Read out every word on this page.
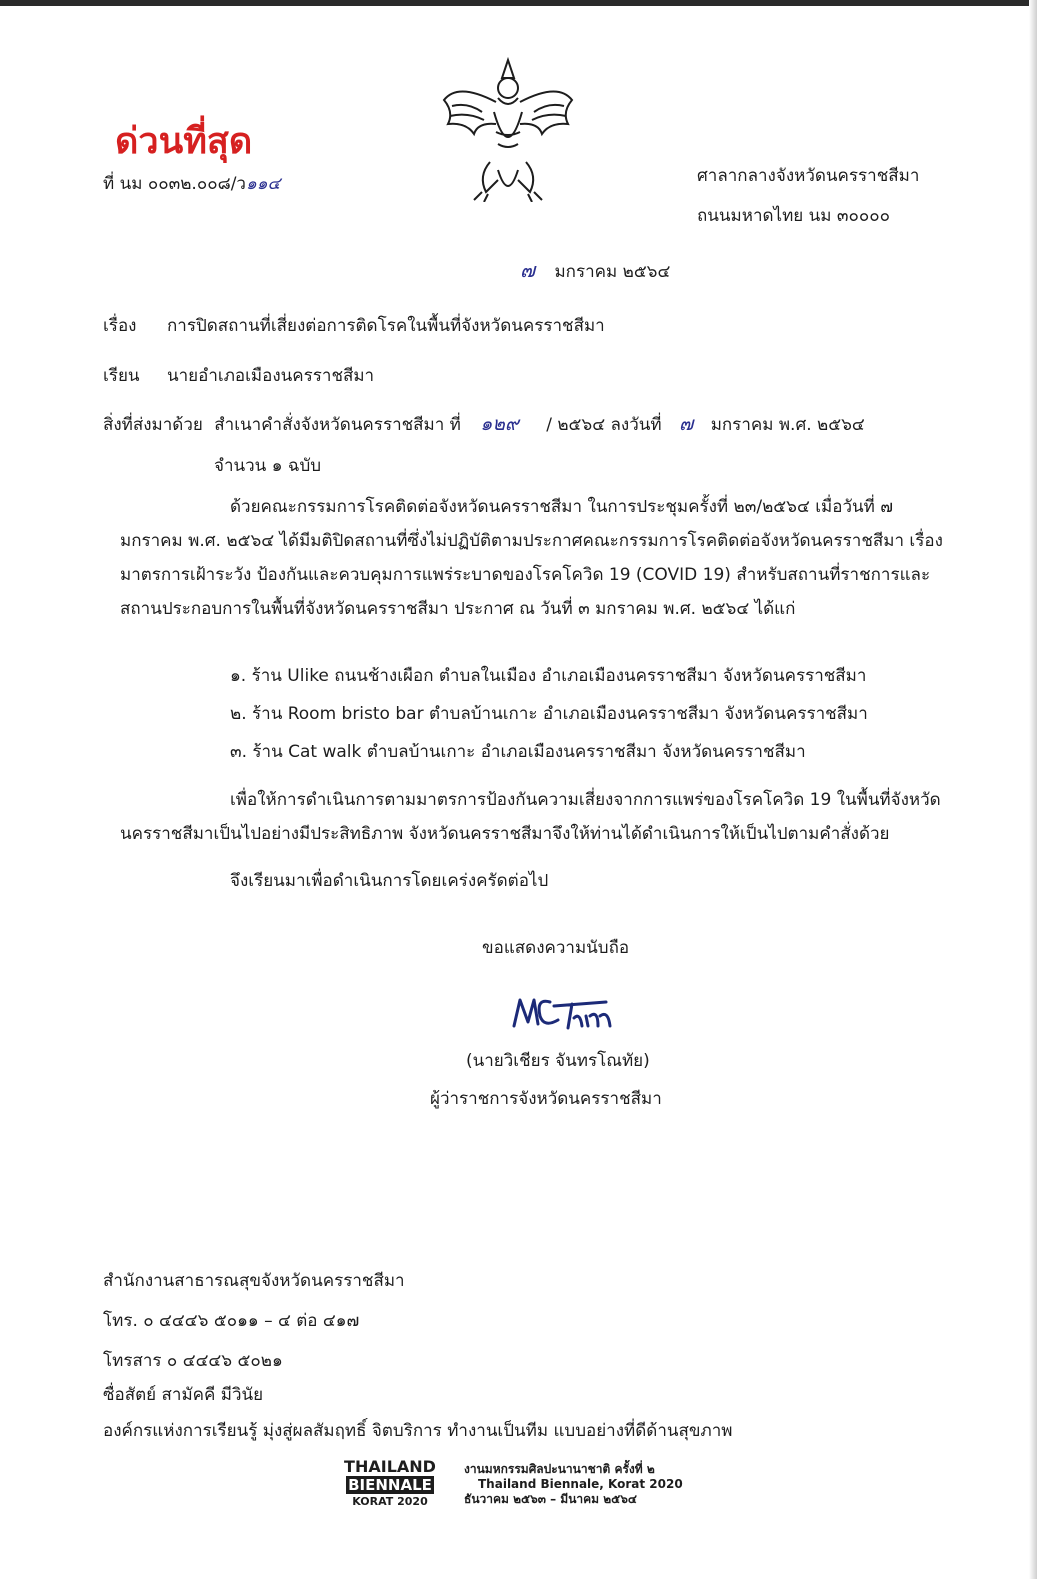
ด่วนที่สุด
ที่ นม ๐๐๓๒.๐๐๘/ว๑๑๔	ศาลากลางจังหวัดนครราชสีมา
ถนนมหาดไทย นม ๓๐๐๐๐
๗ มกราคม ๒๕๖๔
เรื่อง การปิดสถานที่เสี่ยงต่อการติดโรคในพื้นที่จังหวัดนครราชสีมา
เรียน นายอำเภอเมืองนครราชสีมา
สิ่งที่ส่งมาด้วย สำเนาคำสั่งจังหวัดนครราชสีมา ที่ ๑๒๙ / ๒๕๖๔ ลงวันที่ ๗ มกราคม พ.ศ. ๒๕๖๔
จำนวน ๑ ฉบับ
ด้วยคณะกรรมการโรคติดต่อจังหวัดนครราชสีมา ในการประชุมครั้งที่ ๒๓/๒๕๖๔ เมื่อวันที่ ๗ มกราคม พ.ศ. ๒๕๖๔ ได้มีมติปิดสถานที่ซึ่งไม่ปฏิบัติตามประกาศคณะกรรมการโรคติดต่อจังหวัดนครราชสีมา เรื่อง มาตรการเฝ้าระวัง ป้องกันและควบคุมการแพร่ระบาดของโรคโควิด 19 (COVID 19) สำหรับสถานที่ราชการและสถานประกอบการในพื้นที่จังหวัดนครราชสีมา ประกาศ ณ วันที่ ๓ มกราคม พ.ศ. ๒๕๖๔ ได้แก่
๑. ร้าน Ulike ถนนช้างเผือก ตำบลในเมือง อำเภอเมืองนครราชสีมา จังหวัดนครราชสีมา
๒. ร้าน Room bristo bar ตำบลบ้านเกาะ อำเภอเมืองนครราชสีมา จังหวัดนครราชสีมา
๓. ร้าน Cat walk ตำบลบ้านเกาะ อำเภอเมืองนครราชสีมา จังหวัดนครราชสีมา
เพื่อให้การดำเนินการตามมาตรการป้องกันความเสี่ยงจากการแพร่ของโรคโควิด 19 ในพื้นที่จังหวัดนครราชสีมาเป็นไปอย่างมีประสิทธิภาพ จังหวัดนครราชสีมาจึงให้ท่านได้ดำเนินการให้เป็นไปตามคำสั่งด้วย
จึงเรียนมาเพื่อดำเนินการโดยเคร่งครัดต่อไป
ขอแสดงความนับถือ
(นายวิเชียร จันทรโณทัย)
ผู้ว่าราชการจังหวัดนครราชสีมา
สำนักงานสาธารณสุขจังหวัดนครราชสีมา
โทร. ๐ ๔๔๔๖ ๕๐๑๑ – ๔ ต่อ ๔๑๗
โทรสาร ๐ ๔๔๔๖ ๕๐๒๑
ซื่อสัตย์ สามัคคี มีวินัย
องค์กรแห่งการเรียนรู้ มุ่งสู่ผลสัมฤทธิ์ จิตบริการ ทำงานเป็นทีม แบบอย่างที่ดีด้านสุขภาพ
THAILAND
BIENNALE
KORAT 2020
งานมหกรรมศิลปะนานาชาติ ครั้งที่ ๒
Thailand Biennale, Korat 2020
ธันวาคม ๒๕๖๓ – มีนาคม ๒๕๖๔
